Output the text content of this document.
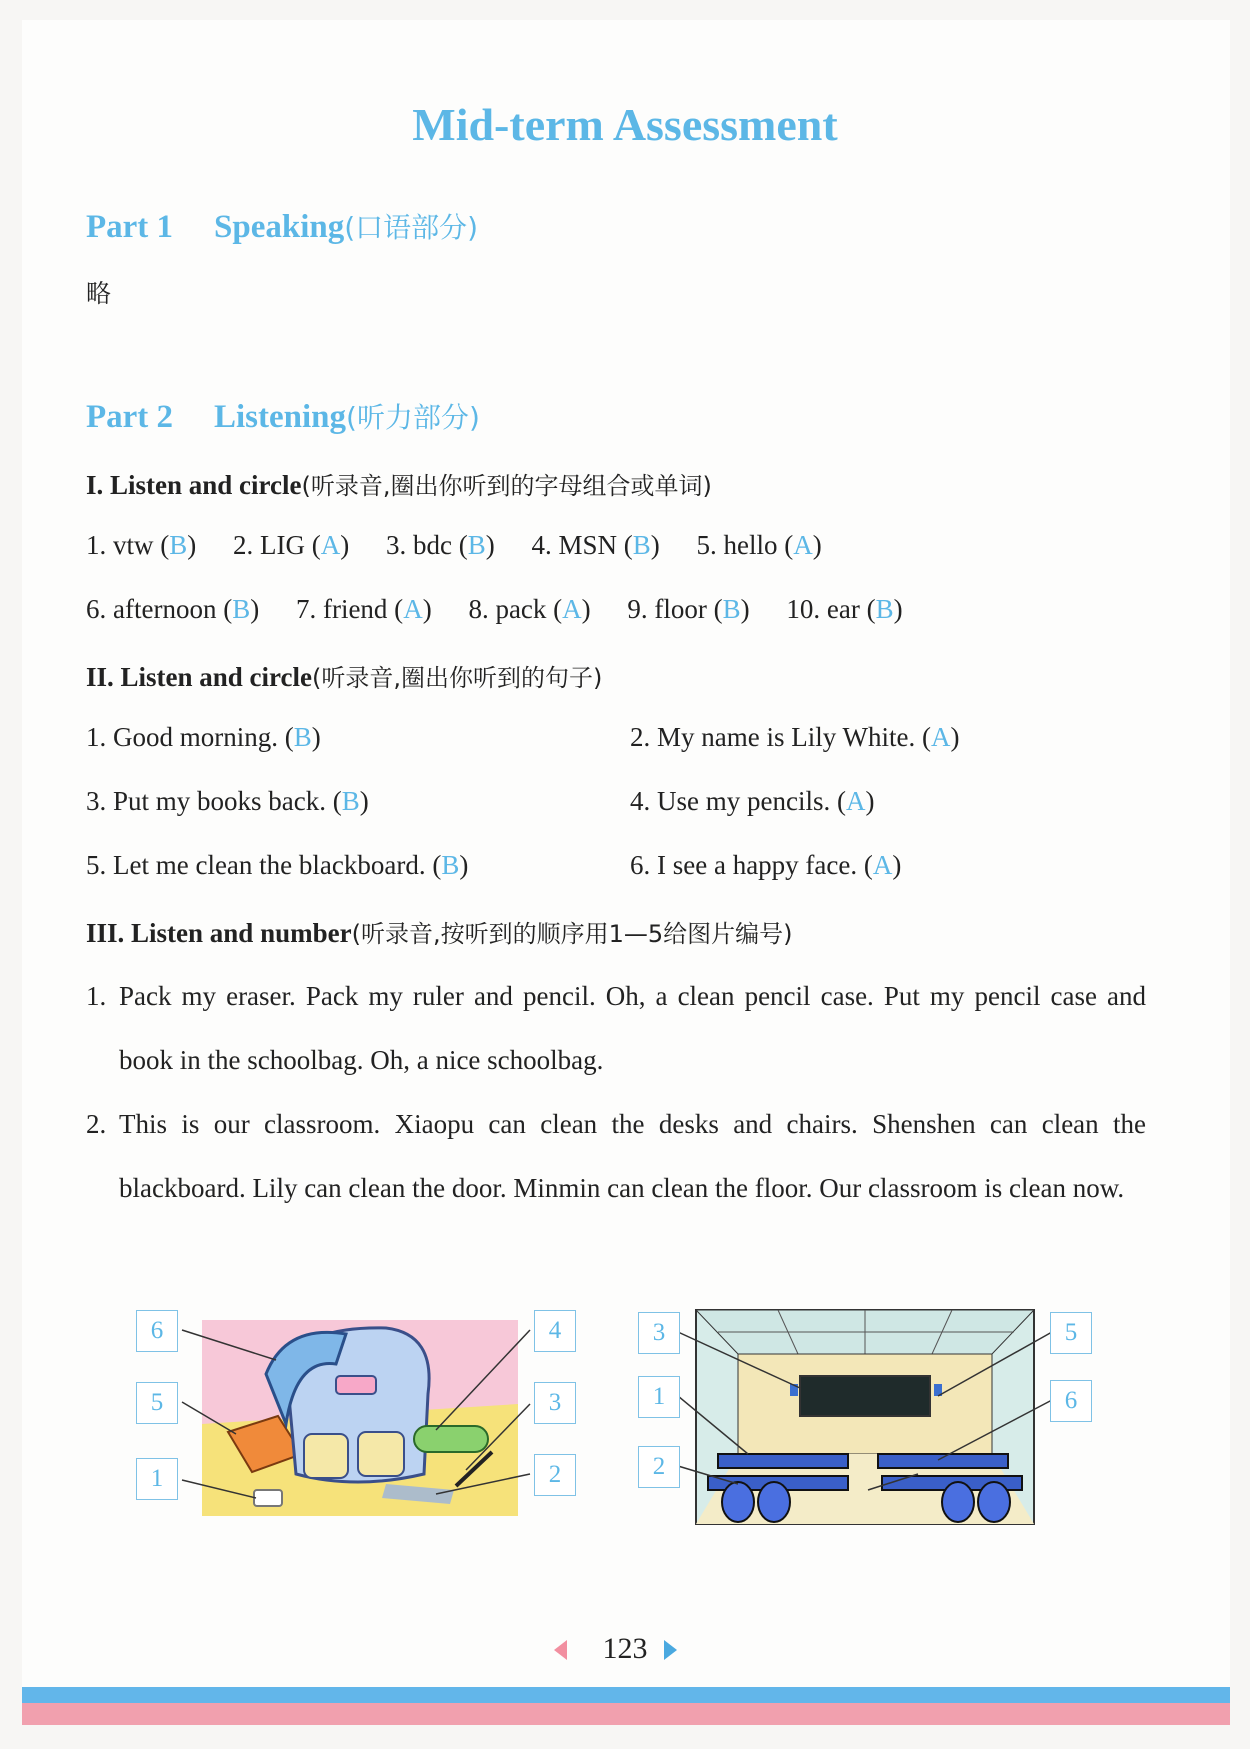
Mid-term Assessment
Part 1 Speaking(口语部分)
略
Part 2 Listening(听力部分)
I. Listen and circle(听录音,圈出你听到的字母组合或单词)
1. vtw (B) 2. LIG (A) 3. bdc (B) 4. MSN (B) 5. hello (A)
6. afternoon (B) 7. friend (A) 8. pack (A) 9. floor (B) 10. ear (B)
II. Listen and circle(听录音,圈出你听到的句子)
1. Good morning. (B)	2. My name is Lily White. (A)
3. Put my books back. (B)	4. Use my pencils. (A)
5. Let me clean the blackboard. (B)	6. I see a happy face. (A)
III. Listen and number(听录音,按听到的顺序用1—5给图片编号)
1. Pack my eraser. Pack my ruler and pencil. Oh, a clean pencil case. Put my pencil case and book in the schoolbag. Oh, a nice schoolbag.
2. This is our classroom. Xiaopu can clean the desks and chairs. Shenshen can clean the blackboard. Lily can clean the door. Minmin can clean the floor. Our classroom is clean now.
6
5
1
4
3
2
3
1
2
5
6
123
